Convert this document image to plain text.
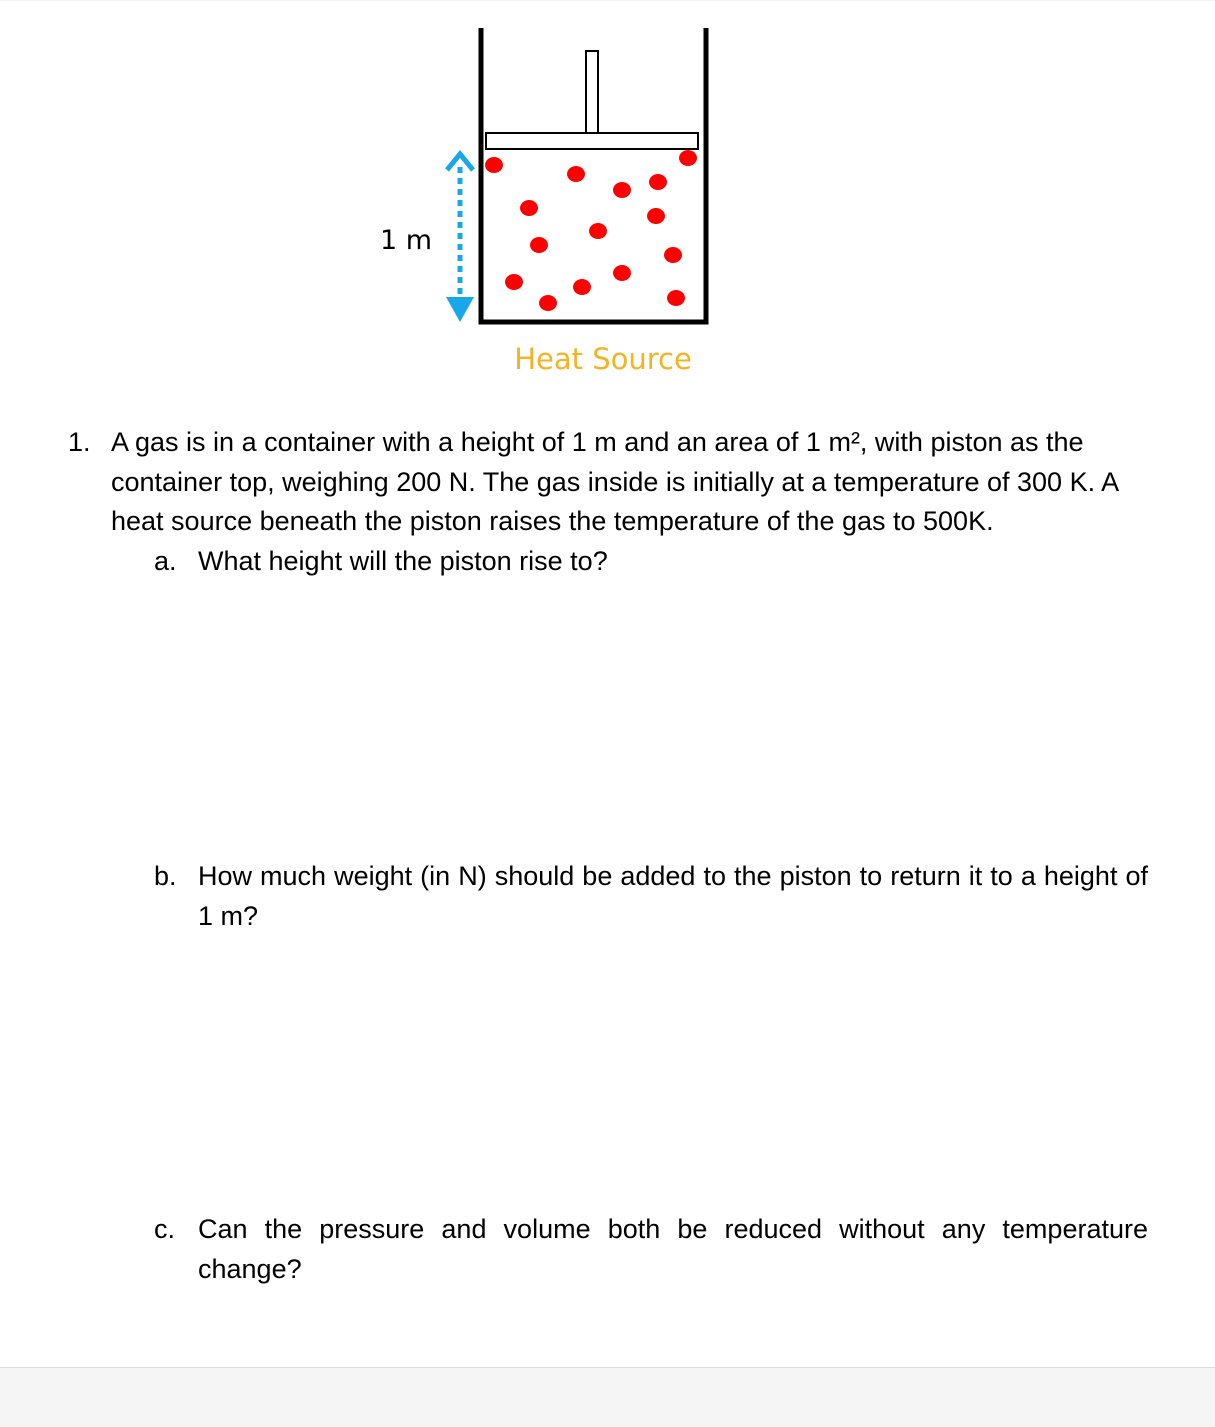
1 m
Heat Source
1. A gas is in a container with a height of 1 m and an area of 1 m², with piston as the container top, weighing 200 N. The gas inside is initially at a temperature of 300 K. A heat source beneath the piston raises the temperature of the gas to 500K.
a. What height will the piston rise to?
b. How much weight (in N) should be added to the piston to return it to a height of 1 m?
c. Can the pressure and volume both be reduced without any temperature change?
